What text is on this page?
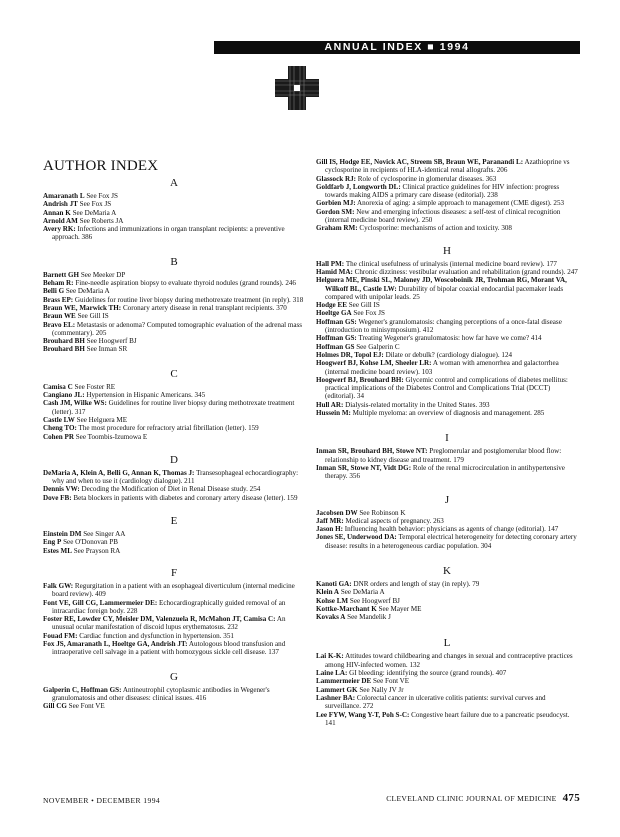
ANNUAL INDEX ■ 1994
AUTHOR INDEX
A

Amaranath L See Fox JS

Andrish JT See Fox JS

Annan K See DeMaria A

Arnold AM See Roberts JA

Avery RK: Infections and immunizations in organ transplant recipients: a preventive approach. 386

B

Barnett GH See Meeker DP

Beham R: Fine-needle aspiration biopsy to evaluate thyroid nodules (grand rounds). 246

Belli G See DeMaria A

Brass EP: Guidelines for routine liver biopsy during methotrexate treatment (in reply). 318

Braun WE, Marwick TH: Coronary artery disease in renal transplant recipients. 370

Braun WE See Gill IS

Bravo EL: Metastasis or adenoma? Computed tomographic evaluation of the adrenal mass (commentary). 205

Brouhard BH See Hoogwerf BJ

Brouhard BH See Inman SR

C

Camisa C See Foster RE

Cangiano JL: Hypertension in Hispanic Americans. 345

Cash JM, Wilke WS: Guidelines for routine liver biopsy during methotrexate treatment (letter). 317

Castle LW See Helguera ME

Cheng TO: The most procedure for refractory atrial fibrillation (letter). 159

Cohen PR See Toombis-Izumowa E

D

DeMaria A, Klein A, Belli G, Annan K, Thomas J: Transesophageal echocardiography: why and when to use it (cardiology dialogue). 211

Dennis VW: Decoding the Modification of Diet in Renal Disease study. 254

Dove FB: Beta blockers in patients with diabetes and coronary artery disease (letter). 159

E

Einstein DM See Singer AA

Eng P See O'Donovan PB

Estes ML See Prayson RA

F

Falk GW: Regurgitation in a patient with an esophageal diverticulum (internal medicine board review). 409

Font VE, Gill CG, Lammermeier DE: Echocardiographically guided removal of an intracardiac foreign body. 228

Foster RE, Lowder CY, Meisler DM, Valenzuela R, McMahon JT, Camisa C: An unusual ocular manifestation of discoid lupus erythematosus. 232

Fouad FM: Cardiac function and dysfunction in hypertension. 351

Fox JS, Amaranath L, Hoeltge GA, Andrish JT: Autologous blood transfusion and intraoperative cell salvage in a patient with homozygous sickle cell disease. 137

G

Galperin C, Hoffman GS: Antineutrophil cytoplasmic antibodies in Wegener's granulomatosis and other diseases: clinical issues. 416

Gill CG See Font VE

Gill IS, Hodge EE, Novick AC, Streem SB, Braun WE, Paranandi L: Azathioprine vs cyclosporine in recipients of HLA-identical renal allografts. 206

Glassock RJ: Role of cyclosporine in glomerular diseases. 363

Goldfarb J, Longworth DL: Clinical practice guidelines for HIV infection: progress towards making AIDS a primary care disease (editorial). 238

Gorbien MJ: Anorexia of aging: a simple approach to management (CME digest). 253

Gordon SM: New and emerging infectious diseases: a self-test of clinical recognition (internal medicine board review). 250

Graham RM: Cyclosporine: mechanisms of action and toxicity. 308

H

Hall PM: The clinical usefulness of urinalysis (internal medicine board review). 177

Hamid MA: Chronic dizziness: vestibular evaluation and rehabilitation (grand rounds). 247

Helguera ME, Pinski SL, Maloney JD, Woscoboinik JR, Trohman RG, Morant VA, Wilkoff BL, Castle LW: Durability of bipolar coaxial endocardial pacemaker leads compared with unipolar leads. 25

Hodge EE See Gill IS

Hoeltge GA See Fox JS

Hoffman GS: Wegener's granulomatosis: changing perceptions of a once-fatal disease (introduction to minisymposium). 412

Hoffman GS: Treating Wegener's granulomatosis: how far have we come? 414

Hoffman GS See Galperin C

Holmes DR, Topol EJ: Dilate or debulk? (cardiology dialogue). 124

Hoogwerf BJ, Kohse LM, Sheeler LR: A woman with amenorrhea and galactorrhea (internal medicine board review). 103

Hoogwerf BJ, Brouhard BH: Glycemic control and complications of diabetes mellitus: practical implications of the Diabetes Control and Complications Trial (DCCT) (editorial). 34

Hull AR: Dialysis-related mortality in the United States. 393

Hussein M: Multiple myeloma: an overview of diagnosis and management. 285

I

Inman SR, Brouhard BH, Stowe NT: Preglomerular and postglomerular blood flow: relationship to kidney disease and treatment. 179

Inman SR, Stowe NT, Vidt DG: Role of the renal microcirculation in antihypertensive therapy. 356

J

Jacobsen DW See Robinson K

Jaff MR: Medical aspects of pregnancy. 263

Jason H: Influencing health behavior: physicians as agents of change (editorial). 147

Jones SE, Underwood DA: Temporal electrical heterogeneity for detecting coronary artery disease: results in a heterogeneous cardiac population. 304

K

Kanoti GA: DNR orders and length of stay (in reply). 79

Klein A See DeMaria A

Kohse LM See Hoogwerf BJ

Kottke-Marchant K See Mayer ME

Kovaks A See Mandelik J

L

Lai K-K: Attitudes toward childbearing and changes in sexual and contraceptive practices among HIV-infected women. 132

Laine LA: GI bleeding: identifying the source (grand rounds). 407

Lammermeier DE See Font VE

Lammert GK See Nally JV Jr

Lashner BA: Colorectal cancer in ulcerative colitis patients: survival curves and surveillance. 272

Lee FYW, Wang Y-T, Poh S-C: Congestive heart failure due to a pancreatic pseudocyst. 141

NOVEMBER • DECEMBER 1994	CLEVELAND CLINIC JOURNAL OF MEDICINE 475
